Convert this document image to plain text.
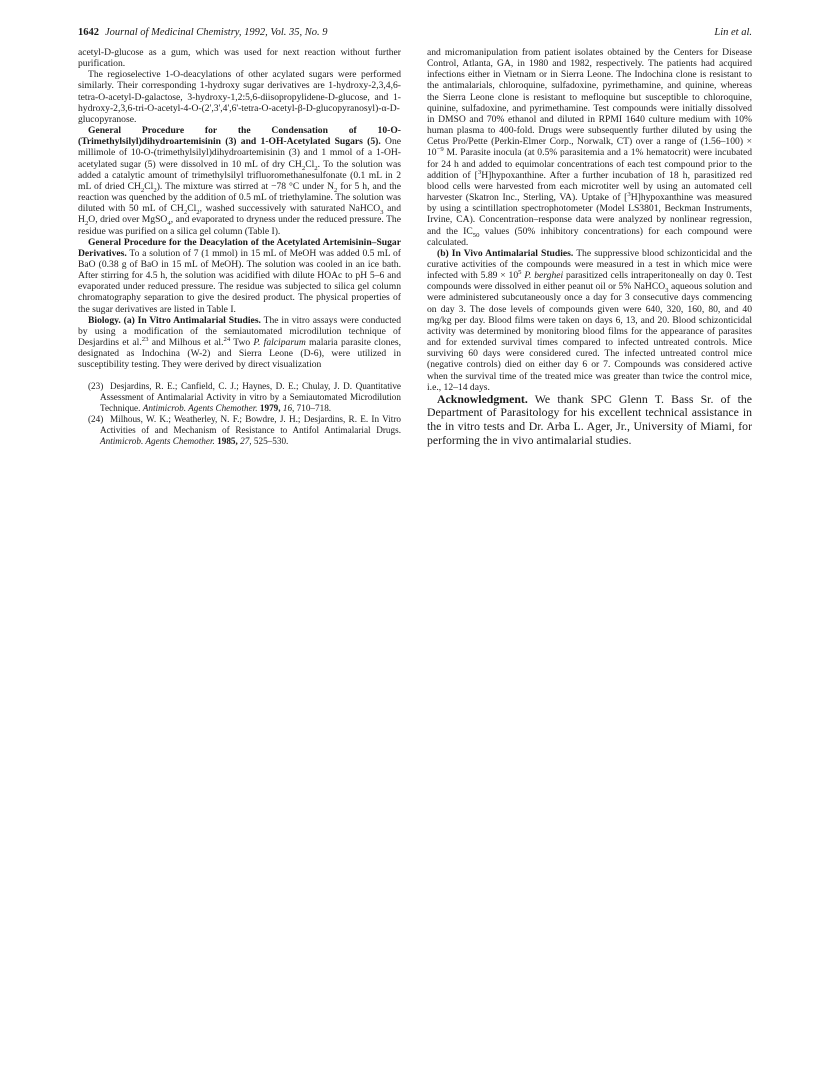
1642 Journal of Medicinal Chemistry, 1992, Vol. 35, No. 9	Lin et al.

acetyl-D-glucose as a gum, which was used for next reaction without further purification.

The regioselective 1-O-deacylations of other acylated sugars were performed similarly. Their corresponding 1-hydroxy sugar derivatives are 1-hydroxy-2,3,4,6-tetra-O-acetyl-D-galactose, 3-hydroxy-1,2:5,6-diisopropylidene-D-glucose, and 1-hydroxy-2,3,6-tri-O-acetyl-4-O-(2',3',4',6'-tetra-O-acetyl-β-D-glucopyranosyl)-α-D-glucopyranose.

General Procedure for the Condensation of 10-O-(Trimethylsilyl)dihydroartemisinin (3) and 1-OH-Acetylated Sugars (5). One millimole of 10-O-(trimethylsilyl)dihydroartemisinin (3) and 1 mmol of a 1-OH-acetylated sugar (5) were dissolved in 10 mL of dry $CH_2Cl_2$. To the solution was added a catalytic amount of trimethylsilyl trifluoromethanesulfonate (0.1 mL in 2 mL of dried $CH_2Cl_2$). The mixture was stirred at −78 °C under $N_2$ for 5 h, and the reaction was quenched by the addition of 0.5 mL of triethylamine. The solution was diluted with 50 mL of $CH_2Cl_2$, washed successively with saturated NaHCO$_3$ and $H_2O$, dried over MgSO$_4$, and evaporated to dryness under the reduced pressure. The residue was purified on a silica gel column (Table I).

General Procedure for the Deacylation of the Acetylated Artemisinin–Sugar Derivatives. To a solution of 7 (1 mmol) in 15 mL of MeOH was added 0.5 mL of BaO (0.38 g of BaO in 15 mL of MeOH). The solution was cooled in an ice bath. After stirring for 4.5 h, the solution was acidified with dilute HOAc to pH 5–6 and evaporated under reduced pressure. The residue was subjected to silica gel column chromatography separation to give the desired product. The physical properties of the sugar derivatives are listed in Table I.

Biology. (a) In Vitro Antimalarial Studies. The in vitro assays were conducted by using a modification of the semiautomated microdilution technique of Desjardins et al.$^{23}$ and Milhous et al.$^{24}$ Two P. falciparum malaria parasite clones, designated as Indochina (W-2) and Sierra Leone (D-6), were utilized in susceptibility testing. They were derived by direct visualization

(23) Desjardins, R. E.; Canfield, C. J.; Haynes, D. E.; Chulay, J. D. Quantitative Assessment of Antimalarial Activity in vitro by a Semiautomated Microdilution Technique. Antimicrob. Agents Chemother. 1979, 16, 710–718.

(24) Milhous, W. K.; Weatherley, N. F.; Bowdre, J. H.; Desjardins, R. E. In Vitro Activities of and Mechanism of Resistance to Antifol Antimalarial Drugs. Antimicrob. Agents Chemother. 1985, 27, 525–530.

and micromanipulation from patient isolates obtained by the Centers for Disease Control, Atlanta, GA, in 1980 and 1982, respectively. The patients had acquired infections either in Vietnam or in Sierra Leone. The Indochina clone is resistant to the antimalarials, chloroquine, sulfadoxine, pyrimethamine, and quinine, whereas the Sierra Leone clone is resistant to mefloquine but susceptible to chloroquine, quinine, sulfadoxine, and pyrimethamine. Test compounds were initially dissolved in DMSO and 70% ethanol and diluted in RPMI 1640 culture medium with 10% human plasma to 400-fold. Drugs were subsequently further diluted by using the Cetus Pro/Pette (Perkin-Elmer Corp., Norwalk, CT) over a range of $(1.56-100) \times 10^{-9}$ M. Parasite inocula (at 0.5% parasitemia and a 1% hematocrit) were incubated for 24 h and added to equimolar concentrations of each test compound prior to the addition of [$^3$H]hypoxanthine. After a further incubation of 18 h, parasitized red blood cells were harvested from each microtiter well by using an automated cell harvester (Skatron Inc., Sterling, VA). Uptake of [$^3$H]hypoxanthine was measured by using a scintillation spectrophotometer (Model LS3801, Beckman Instruments, Irvine, CA). Concentration–response data were analyzed by nonlinear regression, and the $IC_{50}$ values (50% inhibitory concentrations) for each compound were calculated.

(b) In Vivo Antimalarial Studies. The suppressive blood schizonticidal and the curative activities of the compounds were measured in a test in which mice were infected with $5.89 \times 10^5$ P. berghei parasitized cells intraperitoneally on day 0. Test compounds were dissolved in either peanut oil or 5% NaHCO$_3$ aqueous solution and were administered subcutaneously once a day for 3 consecutive days commencing on day 3. The dose levels of compounds given were 640, 320, 160, 80, and 40 mg/kg per day. Blood films were taken on days 6, 13, and 20. Blood schizonticidal activity was determined by monitoring blood films for the appearance of parasites and for extended survival times compared to infected untreated controls. Mice surviving 60 days were considered cured. The infected untreated control mice (negative controls) died on either day 6 or 7. Compounds was considered active when the survival time of the treated mice was greater than twice the control mice, i.e., 12–14 days.

Acknowledgment. We thank SPC Glenn T. Bass Sr. of the Department of Parasitology for his excellent technical assistance in the in vitro tests and Dr. Arba L. Ager, Jr., University of Miami, for performing the in vivo antimalarial studies.
